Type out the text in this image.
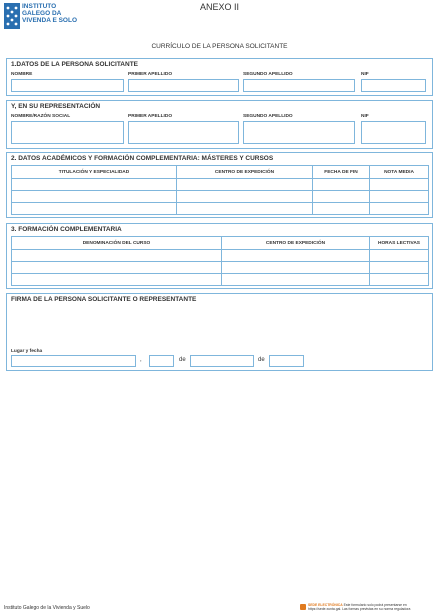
INSTITUTO
GALEGO DA
VIVENDA E SOLO
ANEXO II
CURRÍCULO DE LA PERSONA SOLICITANTE
1.DATOS DE LA PERSONA SOLICITANTE
NOMBRE	PRIMER APELLIDO	SEGUNDO APELLIDO	NIF
Y, EN SU REPRESENTACIÓN
NOMBRE/RAZÓN SOCIAL	PRIMER APELLIDO	SEGUNDO APELLIDO	NIF
2. DATOS ACADÉMICOS Y FORMACIÓN COMPLEMENTARIA: MÁSTERES Y CURSOS
TITULACIÓN Y ESPECIALIDAD	CENTRO DE EXPEDICIÓN	FECHA DE FIN	NOTA MEDIA

3. FORMACIÓN COMPLEMENTARIA
DENOMINACIÓN DEL CURSO	CENTRO DE EXPEDICIÓN	HORAS LECTIVAS

FIRMA DE LA PERSONA SOLICITANTE O REPRESENTANTE
Lugar y fecha
,	de	de
Instituto Galego de la Vivienda y Suelo	SEDE ELECTRÓNICA Este formulario solo podrá presentarse en https://sede.xunta.gal. Las formas previstas en su norma reguladora
